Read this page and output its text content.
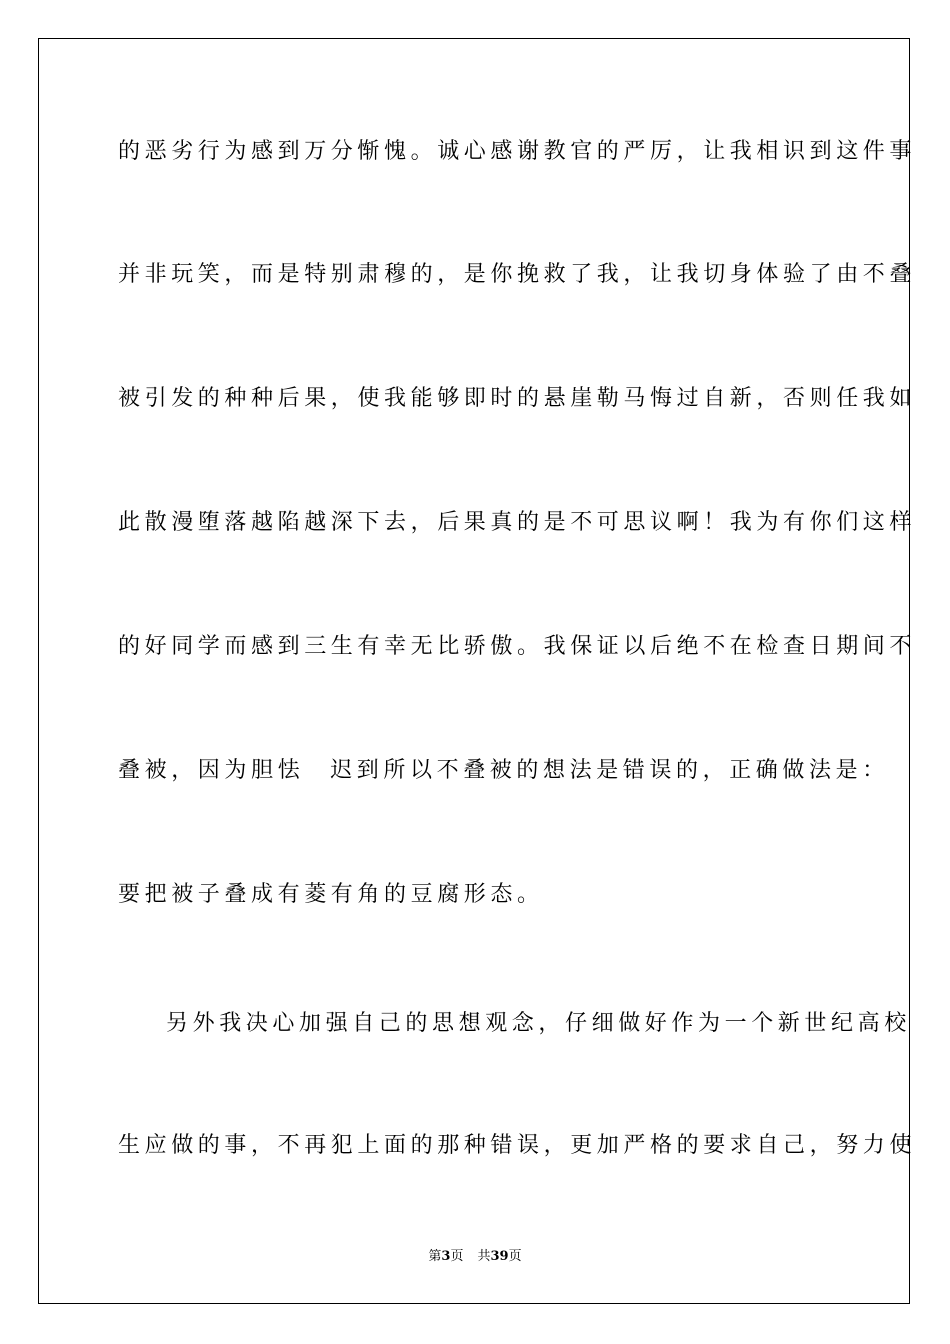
的恶劣行为感到万分惭愧。诚心感谢教官的严厉，让我相识到这件事
并非玩笑，而是特别肃穆的，是你挽救了我，让我切身体验了由不叠
被引发的种种后果，使我能够即时的悬崖勒马悔过自新，否则任我如
此散漫堕落越陷越深下去，后果真的是不可思议啊！我为有你们这样
的好同学而感到三生有幸无比骄傲。我保证以后绝不在检查日期间不
叠被，因为胆怯 迟到所以不叠被的想法是错误的，正确做法是：
要把被子叠成有菱有角的豆腐形态。
另外我决心加强自己的思想观念，仔细做好作为一个新世纪高校
生应做的事，不再犯上面的那种错误，更加严格的要求自己，努力使
第3页 共39页
